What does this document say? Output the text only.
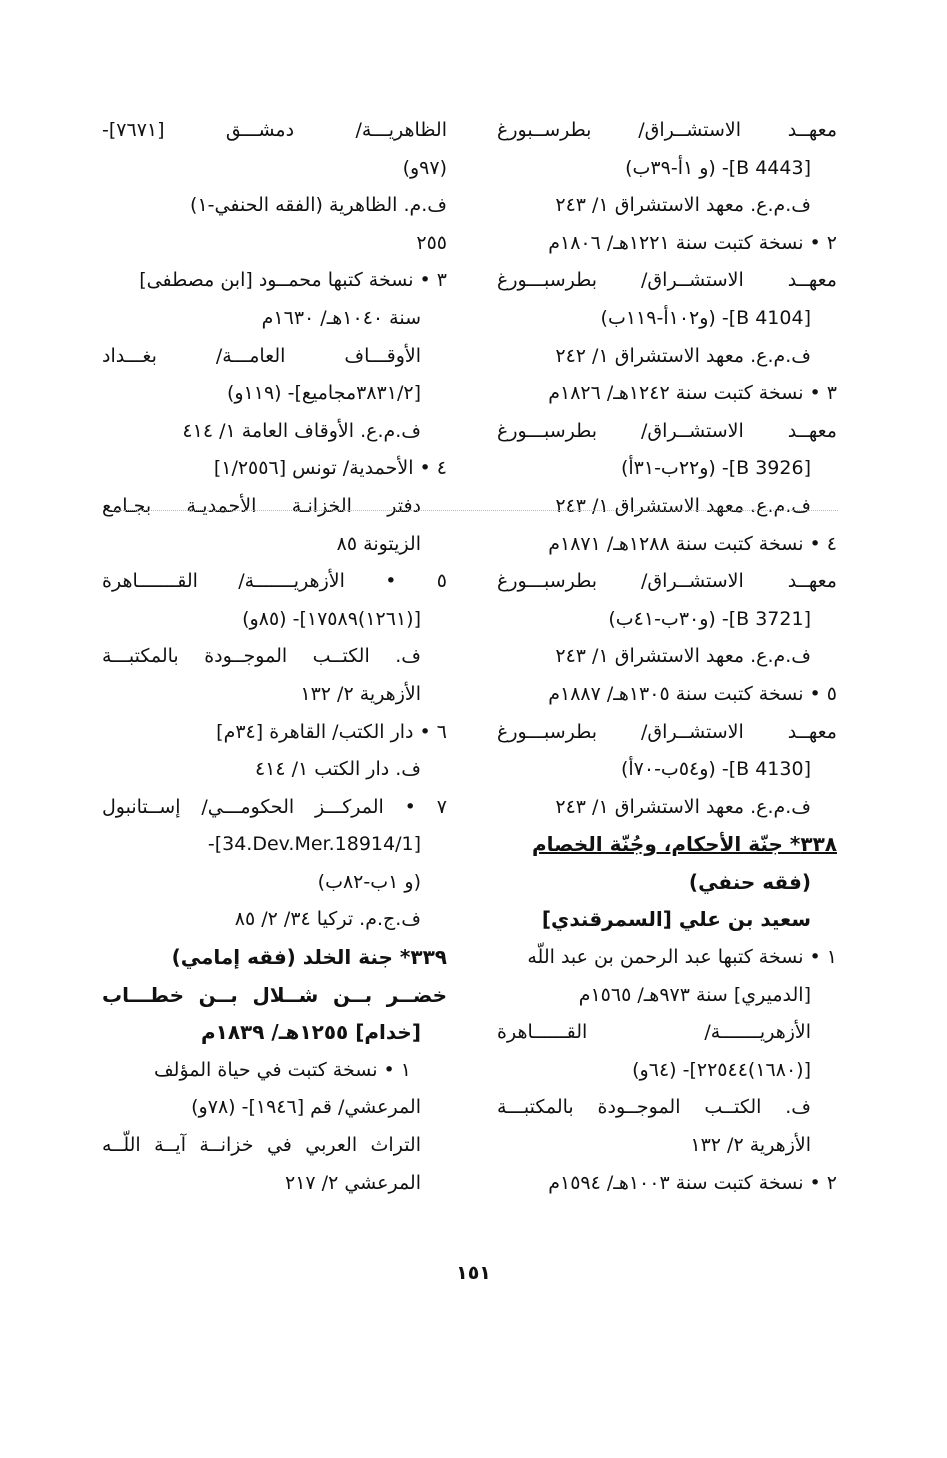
معهــد الاستشــراق/ بطرســبورغ
[B 4443]- (و ١أ-٣٩ب)
ف.م.ع. معهد الاستشراق ١/ ٢٤٣
٢ • نسخة كتبت سنة ١٢٢١هـ/ ١٨٠٦م
معهــد الاستشــراق/ بطرسبـــورغ
[B 4104]- (و١٠٢أ-١١٩ب)
ف.م.ع. معهد الاستشراق ١/ ٢٤٢
٣ • نسخة كتبت سنة ١٢٤٢هـ/ ١٨٢٦م
معهــد الاستشــراق/ بطرسبـــورغ
[B 3926]- (و٢٢ب-٣١أ)
ف.م.ع. معهد الاستشراق ١/ ٢٤٣
٤ • نسخة كتبت سنة ١٢٨٨هـ/ ١٨٧١م
معهــد الاستشــراق/ بطرسبـــورغ
[B 3721]- (و٣٠ب-٤١ب)
ف.م.ع. معهد الاستشراق ١/ ٢٤٣
٥ • نسخة كتبت سنة ١٣٠٥هـ/ ١٨٨٧م
معهــد الاستشــراق/ بطرسبـــورغ
[B 4130]- (و٥٤ب-٧٠أ)
ف.م.ع. معهد الاستشراق ١/ ٢٤٣
٣٣٨* جنّة الأحكام، وجُنّة الخصام
(فقه حنفي)
سعيد بن علي [السمرقندي]
١ • نسخة كتبها عبد الرحمن بن عبد اللّه
[الدميري] سنة ٩٧٣هـ/ ١٥٦٥م
الأزهريـــــــة/ القــــــاهرة
[(١٦٨٠)٢٢٥٤٤]- (٦٤و)
ف. الكتــب الموجــودة بالمكتبـــة
الأزهرية ٢/ ١٣٢
٢ • نسخة كتبت سنة ١٠٠٣هـ/ ١٥٩٤م
الظاهريـــة/ دمشـــق [٧٦٧١]-
(٩٧و)
ف.م. الظاهرية (الفقه الحنفي-١)
٢٥٥
٣ • نسخة كتبها محمــود [ابن مصطفى]
سنة ١٠٤٠هـ/ ١٦٣٠م
الأوقـــاف العامـــة/ بغـــداد
[٣٨٣١/٢مجاميع]- (١١٩و)
ف.م.ع. الأوقاف العامة ١/ ٤١٤
٤ • الأحمدية/ تونس [١/٢٥٥٦]
دفتر الخزانـة الأحمديـة بجـامع
الزيتونة ٨٥
٥ • الأزهريـــــــة/ القـــــــاهرة
[(١٢٦١)١٧٥٨٩]- (٨٥و)
ف. الكتــب الموجــودة بالمكتبـــة
الأزهرية ٢/ ١٣٢
٦ • دار الكتب/ القاهرة [٣٤م]
ف. دار الكتب ١/ ٤١٤
٧ • المركـــز الحكومـــي/ إســتانبول
-[34.Dev.Mer.18914/1]
(و ١ب-٨٢ب)
ف.ج.م. تركيا ٣٤/ ٢/ ٨٥
٣٣٩* جنة الخلد (فقه إمامي)
خضــر بــن شــلال بــن خطـــاب
[خدام] ١٢٥٥هـ/ ١٨٣٩م
١ • نسخة كتبت في حياة المؤلف
المرعشي/ قم [١٩٤٦]- (٧٨و)
التراث العربي في خزانــة آيــة اللّــه
المرعشي ٢/ ٢١٧
١٥١
